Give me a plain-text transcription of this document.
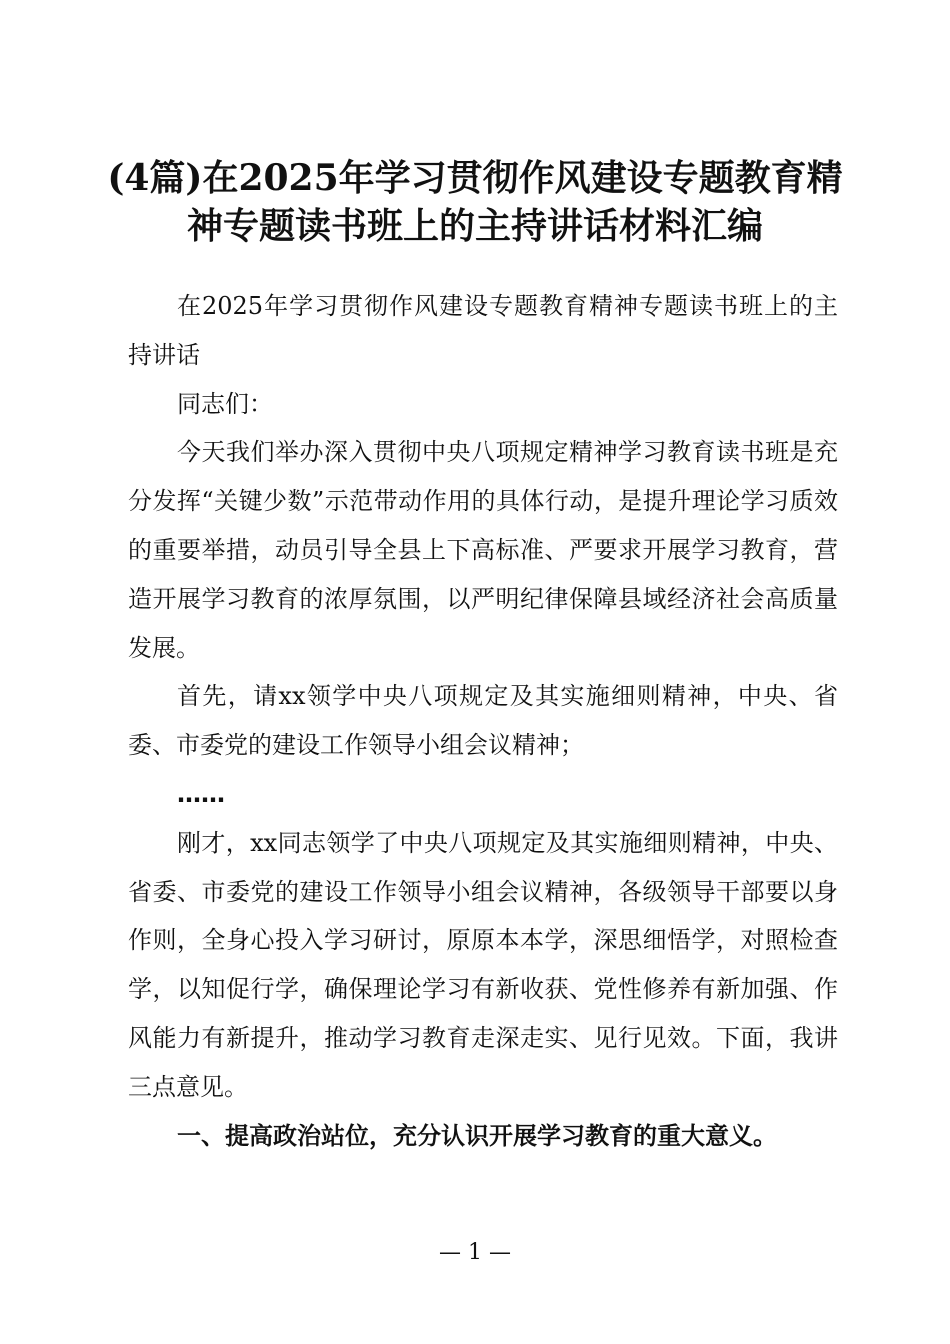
(4篇)在2025年学习贯彻作风建设专题教育精
神专题读书班上的主持讲话材料汇编

在2025年学习贯彻作风建设专题教育精神专题读书班上的主持讲话

同志们：

今天我们举办深入贯彻中央八项规定精神学习教育读书班是充分发挥“关键少数”示范带动作用的具体行动，是提升理论学习质效的重要举措，动员引导全县上下高标准、严要求开展学习教育，营造开展学习教育的浓厚氛围，以严明纪律保障县域经济社会高质量发展。

首先，请xx领学中央八项规定及其实施细则精神，中央、省委、市委党的建设工作领导小组会议精神；

……

刚才，xx同志领学了中央八项规定及其实施细则精神，中央、省委、市委党的建设工作领导小组会议精神，各级领导干部要以身作则，全身心投入学习研讨，原原本本学，深思细悟学，对照检查学，以知促行学，确保理论学习有新收获、党性修养有新加强、作风能力有新提升，推动学习教育走深走实、见行见效。下面，我讲三点意见。

一、提高政治站位，充分认识开展学习教育的重大意义。

— 1 —
